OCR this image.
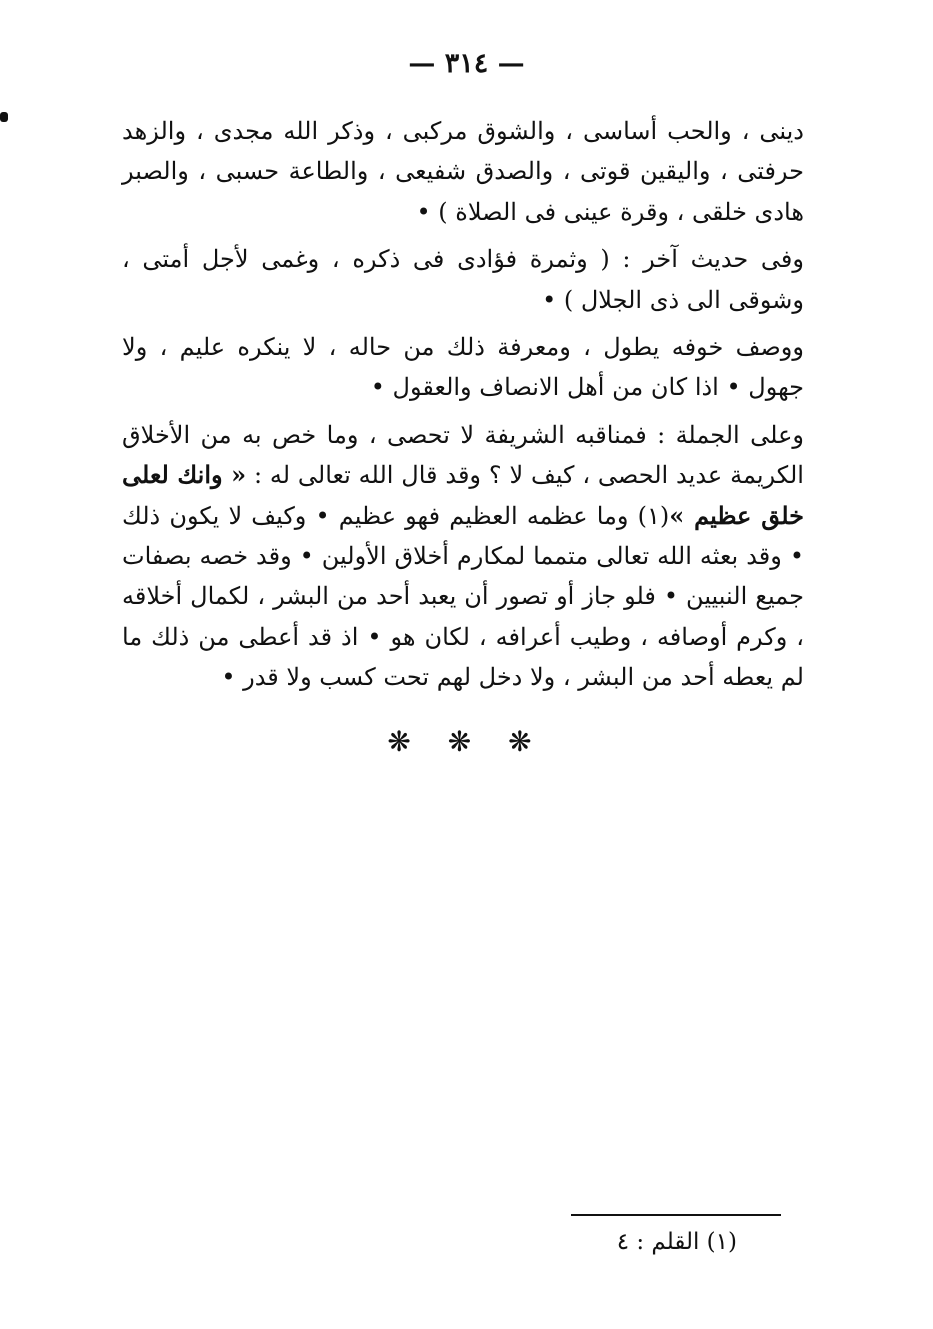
— ٣١٤ —

دينى ، والحب أساسى ، والشوق مركبى ، وذكر الله مجدى ، والزهد حرفتى ، واليقين قوتى ، والصدق شفيعى ، والطاعة حسبى ، والصبر هادى خلقى ، وقرة عينى فى الصلاة ) •

وفى حديث آخر : ( وثمرة فؤادى فى ذكره ، وغمى لأجل أمتى ، وشوقى الى ذى الجلال ) •

ووصف خوفه يطول ، ومعرفة ذلك من حاله ، لا ينكره عليم ، ولا جهول • اذا كان من أهل الانصاف والعقول •

وعلى الجملة : فمناقبه الشريفة لا تحصى ، وما خص به من الأخلاق الكريمة عديد الحصى ، كيف لا ؟ وقد قال الله تعالى له : « وانك لعلى خلق عظيم »(١) وما عظمه العظيم فهو عظيم • وكيف لا يكون ذلك • وقد بعثه الله تعالى متمما لمكارم أخلاق الأولين • وقد خصه بصفات جميع النبيين • فلو جاز أو تصور أن يعبد أحد من البشر ، لكمال أخلاقه ، وكرم أوصافه ، وطيب أعرافه ، لكان هو • اذ قد أعطى من ذلك ما لم يعطه أحد من البشر ، ولا دخل لهم تحت كسب ولا قدر •

❋ ❋ ❋
(١) القلم : ٤
